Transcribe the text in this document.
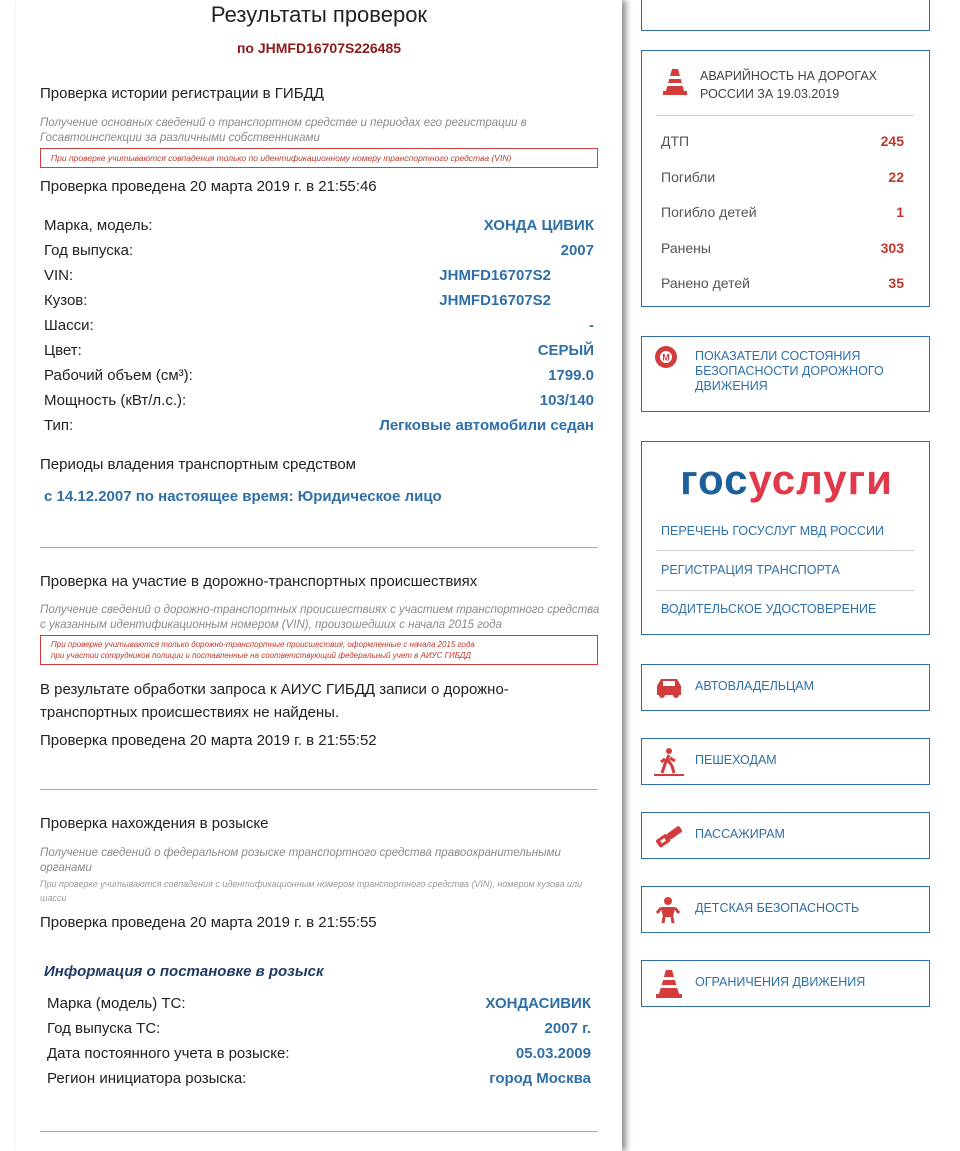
Результаты проверок
по JHMFD16707S226485
Проверка истории регистрации в ГИБДД
Получение основных сведений о транспортном средстве и периодах его регистрации в Госавтоинспекции за различными собственниками
При проверке учитываются совпадения только по идентификационному номеру транспортного средства (VIN)
Проверка проведена 20 марта 2019 г. в 21:55:46
Марка, модель:	ХОНДА ЦИВИК
Год выпуска:	2007
VIN:	JHMFD16707S2
Кузов:	JHMFD16707S2
Шасси:	-
Цвет:	СЕРЫЙ
Рабочий объем (см³):	1799.0
Мощность (кВт/л.с.):	103/140
Тип:	Легковые автомобили седан
Периоды владения транспортным средством
с 14.12.2007 по настоящее время: Юридическое лицо
Проверка на участие в дорожно-транспортных происшествиях
Получение сведений о дорожно-транспортных происшествиях с участием транспортного средства с указанным идентификационным номером (VIN), произошедших с начала 2015 года
При проверке учитываются только дорожно-транспортные происшествия, оформленные с начала 2015 года
при участии сотрудников полиции и поставленные на соответствующий федеральный учет в АИУС ГИБДД
В результате обработки запроса к АИУС ГИБДД записи о дорожно-транспортных происшествиях не найдены.
Проверка проведена 20 марта 2019 г. в 21:55:52
Проверка нахождения в розыске
Получение сведений о федеральном розыске транспортного средства правоохранительными органами
При проверке учитываются совпадения с идентификационным номером транспортного средства (VIN), номером кузова или шасси
Проверка проведена 20 марта 2019 г. в 21:55:55
Информация о постановке в розыск
Марка (модель) ТС:	ХОНДАСИВИК
Год выпуска ТС:	2007 г.
Дата постоянного учета в розыске:	05.03.2009
Регион инициатора розыска:	город Москва
АВАРИЙНОСТЬ НА ДОРОГАХ РОССИИ ЗА 19.03.2019
ДТП	245
Погибли	22
Погибло детей	1
Ранены	303
Ранено детей	35
M ПОКАЗАТЕЛИ СОСТОЯНИЯ БЕЗОПАСНОСТИ ДОРОЖНОГО ДВИЖЕНИЯ
госуслуги
ПЕРЕЧЕНЬ ГОСУСЛУГ МВД РОССИИ
РЕГИСТРАЦИЯ ТРАНСПОРТА
ВОДИТЕЛЬСКОЕ УДОСТОВЕРЕНИЕ
АВТОВЛАДЕЛЬЦАМ
ПЕШЕХОДАМ
ПАССАЖИРАМ
ДЕТСКАЯ БЕЗОПАСНОСТЬ
ОГРАНИЧЕНИЯ ДВИЖЕНИЯ
